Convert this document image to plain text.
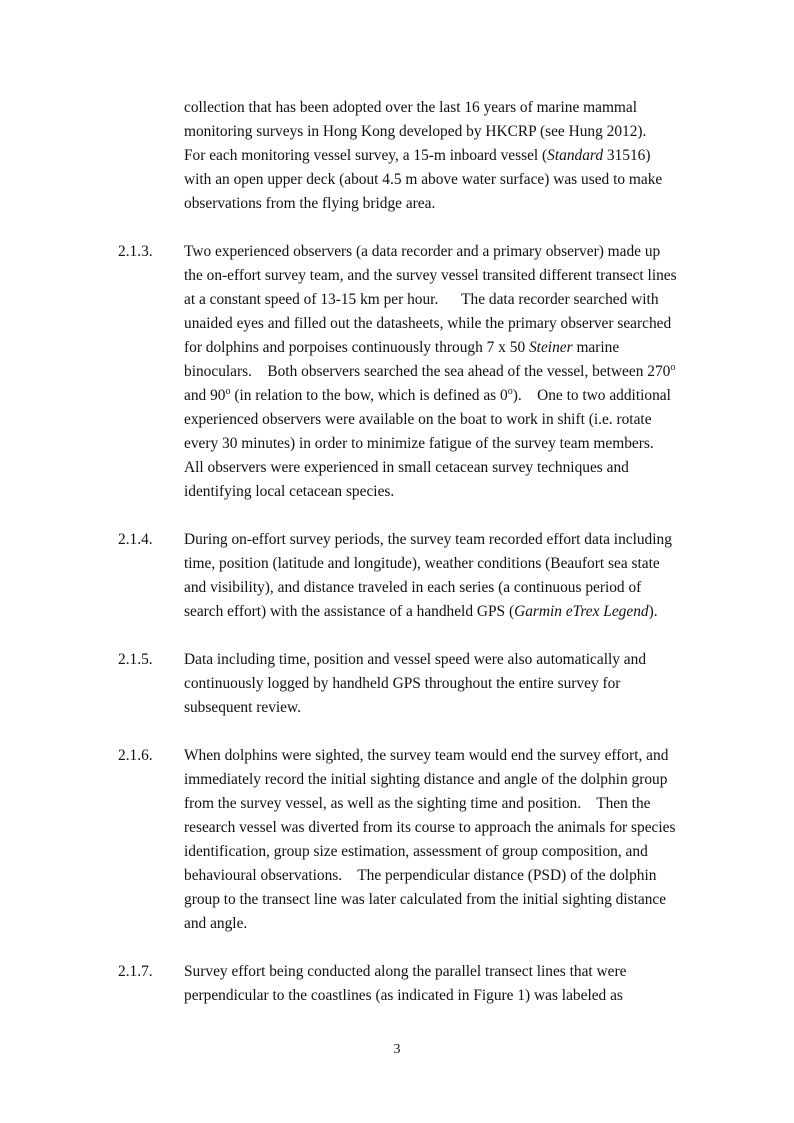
collection that has been adopted over the last 16 years of marine mammal
monitoring surveys in Hong Kong developed by HKCRP (see Hung 2012).
For each monitoring vessel survey, a 15-m inboard vessel (Standard 31516)
with an open upper deck (about 4.5 m above water surface) was used to make
observations from the flying bridge area.
2.1.3. Two experienced observers (a data recorder and a primary observer) made up
the on-effort survey team, and the survey vessel transited different transect lines
at a constant speed of 13-15 km per hour.      The data recorder searched with
unaided eyes and filled out the datasheets, while the primary observer searched
for dolphins and porpoises continuously through 7 x 50 Steiner marine
binoculars.    Both observers searched the sea ahead of the vessel, between 270$^o$
and 90$^o$ (in relation to the bow, which is defined as 0$^o$).    One to two additional
experienced observers were available on the boat to work in shift (i.e. rotate
every 30 minutes) in order to minimize fatigue of the survey team members.
All observers were experienced in small cetacean survey techniques and
identifying local cetacean species.
2.1.4. During on-effort survey periods, the survey team recorded effort data including
time, position (latitude and longitude), weather conditions (Beaufort sea state
and visibility), and distance traveled in each series (a continuous period of
search effort) with the assistance of a handheld GPS (Garmin eTrex Legend).
2.1.5. Data including time, position and vessel speed were also automatically and
continuously logged by handheld GPS throughout the entire survey for
subsequent review.
2.1.6. When dolphins were sighted, the survey team would end the survey effort, and
immediately record the initial sighting distance and angle of the dolphin group
from the survey vessel, as well as the sighting time and position.    Then the
research vessel was diverted from its course to approach the animals for species
identification, group size estimation, assessment of group composition, and
behavioural observations.    The perpendicular distance (PSD) of the dolphin
group to the transect line was later calculated from the initial sighting distance
and angle.
2.1.7. Survey effort being conducted along the parallel transect lines that were
perpendicular to the coastlines (as indicated in Figure 1) was labeled as
3
